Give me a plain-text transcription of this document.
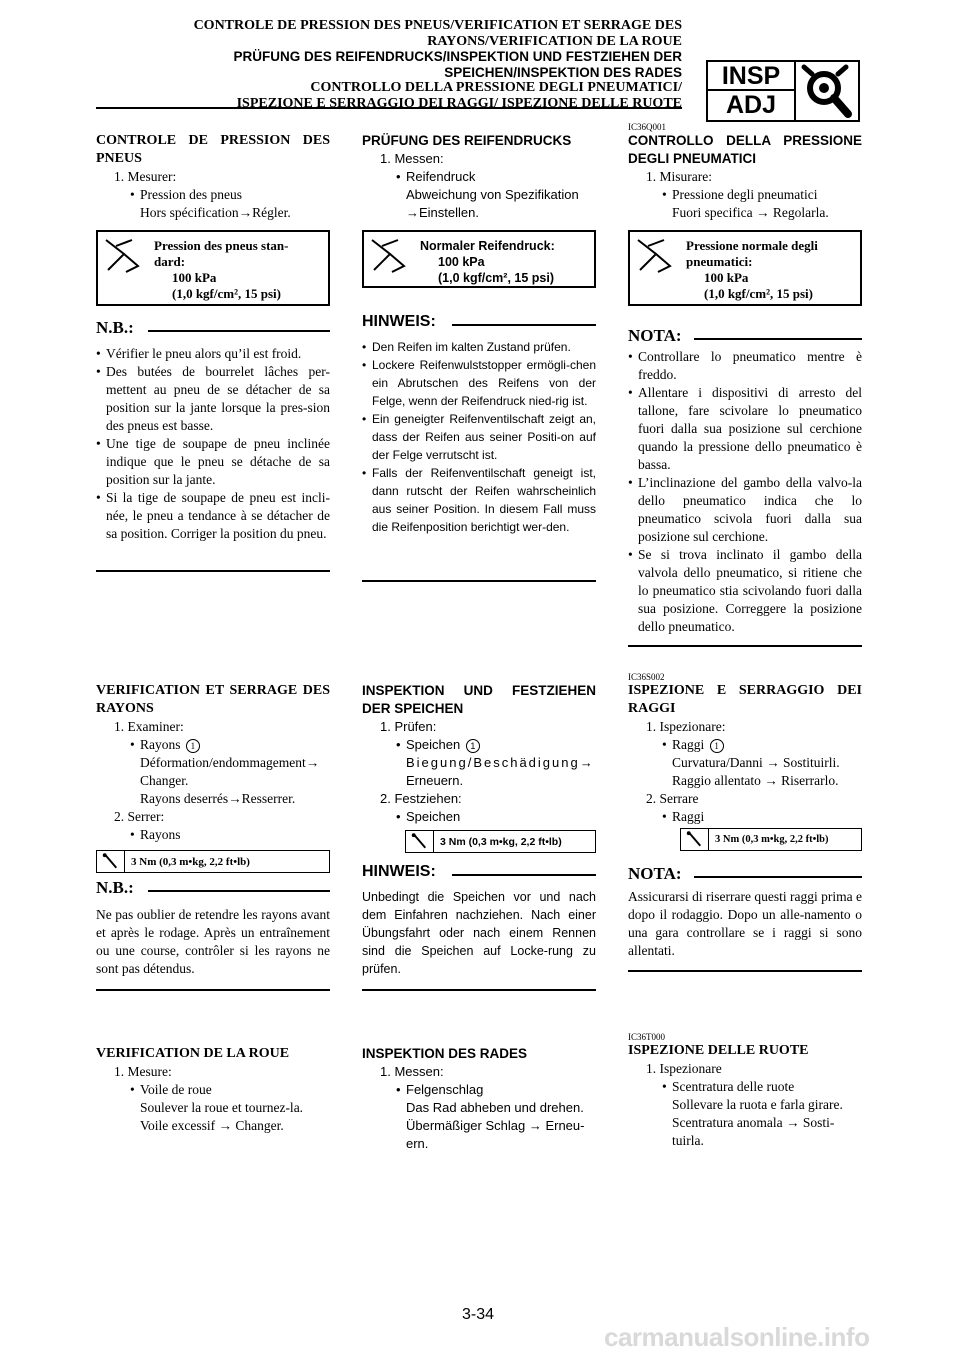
CONTROLE DE PRESSION DES PNEUS/VERIFICATION ET SERRAGE DES
RAYONS/VERIFICATION DE LA ROUE
PRÜFUNG DES REIFENDRUCKS/INSPEKTION UND FESTZIEHEN DER
SPEICHEN/INSPEKTION DES RADES
CONTROLLO DELLA PRESSIONE DEGLI PNEUMATICI/
ISPEZIONE E SERRAGGIO DEI RAGGI/ ISPEZIONE DELLE RUOTE
INSP
ADJ
CONTROLE DE PRESSION DES PNEUS
1. Mesurer:
• Pression des pneus
Hors spécification→Régler.
Pression des pneus stan-
dard:
100 kPa
(1,0 kgf/cm², 15 psi)
N.B.:
• Vérifier le pneu alors qu’il est froid.
• Des butées de bourrelet lâches per-mettent au pneu de se détacher de sa position sur la jante lorsque la pres-sion des pneus est basse.
• Une tige de soupape de pneu inclinée indique que le pneu se détache de sa position sur la jante.
• Si la tige de soupape de pneu est incli-née, le pneu a tendance à se détacher de sa position. Corriger la position du pneu.
VERIFICATION ET SERRAGE DES RAYONS
1. Examiner:
• Rayons 1
Déformation/endommagement→
Changer.
Rayons deserrés→Resserrer.
2. Serrer:
• Rayons
3 Nm (0,3 m•kg, 2,2 ft•lb)
N.B.:
Ne pas oublier de retendre les rayons avant et après le rodage. Après un entraînement ou une course, contrôler si les rayons ne sont pas détendus.
VERIFICATION DE LA ROUE
1. Mesure:
• Voile de roue
Soulever la roue et tournez-la.
Voile excessif → Changer.
PRÜFUNG DES REIFENDRUCKS
1. Messen:
• Reifendruck
Abweichung von Spezifikation
→Einstellen.
Normaler Reifendruck:
100 kPa
(1,0 kgf/cm², 15 psi)
HINWEIS:
• Den Reifen im kalten Zustand prüfen.
• Lockere Reifenwulststopper ermögli-chen ein Abrutschen des Reifens von der Felge, wenn der Reifendruck nied-rig ist.
• Ein geneigter Reifenventilschaft zeigt an, dass der Reifen aus seiner Positi-on auf der Felge verrutscht ist.
• Falls der Reifenventilschaft geneigt ist, dann rutscht der Reifen wahrscheinlich aus seiner Position. In diesem Fall muss die Reifenposition berichtigt wer-den.
INSPEKTION UND FESTZIEHEN DER SPEICHEN
1. Prüfen:
• Speichen 1
Biegung/Beschädigung→
Erneuern.
2. Festziehen:
• Speichen
3 Nm (0,3 m•kg, 2,2 ft•lb)
HINWEIS:
Unbedingt die Speichen vor und nach dem Einfahren nachziehen. Nach einer Übungsfahrt oder nach einem Rennen sind die Speichen auf Locke-rung zu prüfen.
INSPEKTION DES RADES
1. Messen:
• Felgenschlag
Das Rad abheben und drehen.
Übermäßiger Schlag → Erneu-
ern.
IC36Q001
CONTROLLO DELLA PRESSIONE DEGLI PNEUMATICI
1. Misurare:
• Pressione degli pneumatici
Fuori specifica → Regolarla.
Pressione normale degli
pneumatici:
100 kPa
(1,0 kgf/cm², 15 psi)
NOTA:
• Controllare lo pneumatico mentre è freddo.
• Allentare i dispositivi di arresto del tallone, fare scivolare lo pneumatico fuori dalla sua posizione sul cerchione quando la pressione dello pneumatico è bassa.
• L’inclinazione del gambo della valvo-la dello pneumatico indica che lo pneumatico scivola fuori dalla sua posizione sul cerchione.
• Se si trova inclinato il gambo della valvola dello pneumatico, si ritiene che lo pneumatico stia scivolando fuori dalla sua posizione. Correggere la posizione dello pneumatico.
IC36S002
ISPEZIONE E SERRAGGIO DEI RAGGI
1. Ispezionare:
• Raggi 1
Curvatura/Danni → Sostituirli.
Raggio allentato → Riserrarlo.
2. Serrare
• Raggi
3 Nm (0,3 m•kg, 2,2 ft•lb)
NOTA:
Assicurarsi di riserrare questi raggi prima e dopo il rodaggio. Dopo un alle-namento o una gara controllare se i raggi si sono allentati.
IC36T000
ISPEZIONE DELLE RUOTE
1. Ispezionare
• Scentratura delle ruote
Sollevare la ruota e farla girare.
Scentratura anomala → Sosti-
tuirla.
3-34
carmanualsonline.info
